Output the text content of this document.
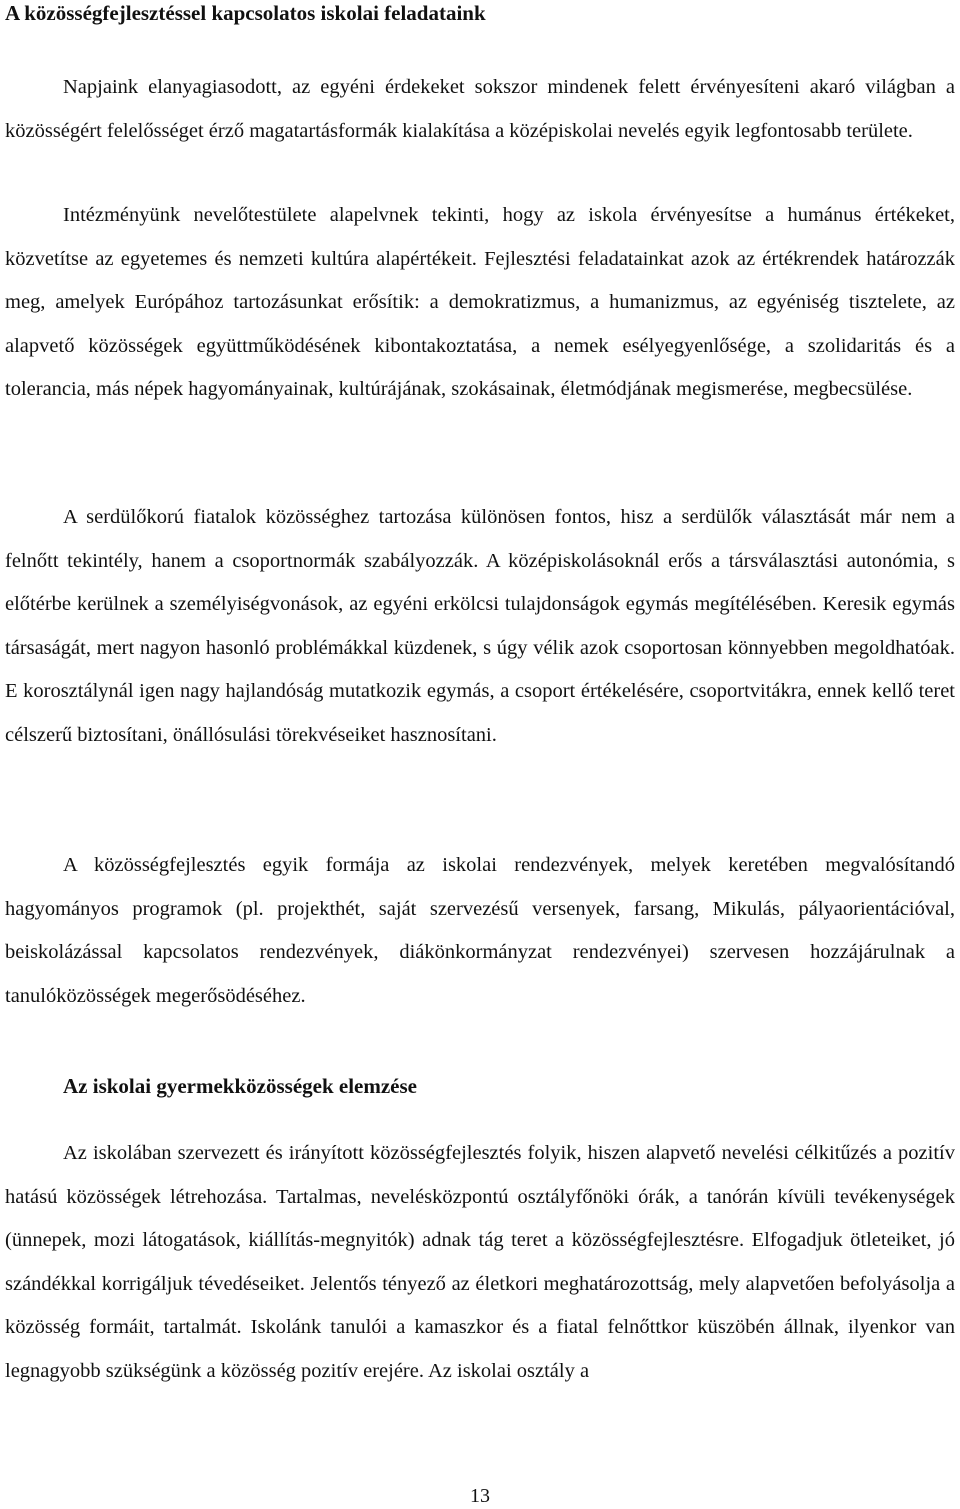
A közösségfejlesztéssel kapcsolatos iskolai feladataink

Napjaink elanyagiasodott, az egyéni érdekeket sokszor mindenek felett érvényesíteni akaró világban a közösségért felelősséget érző magatartásformák kialakítása a középiskolai nevelés egyik legfontosabb területe.

Intézményünk nevelőtestülete alapelvnek tekinti, hogy az iskola érvényesítse a humánus értékeket, közvetítse az egyetemes és nemzeti kultúra alapértékeit. Fejlesztési feladatainkat azok az értékrendek határozzák meg, amelyek Európához tartozásunkat erősítik: a demokratizmus, a humanizmus, az egyéniség tisztelete, az alapvető közösségek együttműködésének kibontakoztatása, a nemek esélyegyenlősége, a szolidaritás és a tolerancia, más népek hagyományainak, kultúrájának, szokásainak, életmódjának megismerése, megbecsülése.

A serdülőkorú fiatalok közösséghez tartozása különösen fontos, hisz a serdülők választását már nem a felnőtt tekintély, hanem a csoportnormák szabályozzák. A középiskolásoknál erős a társválasztási autonómia, s előtérbe kerülnek a személyiségvonások, az egyéni erkölcsi tulajdonságok egymás megítélésében. Keresik egymás társaságát, mert nagyon hasonló problémákkal küzdenek, s úgy vélik azok csoportosan könnyebben megoldhatóak. E korosztálynál igen nagy hajlandóság mutatkozik egymás, a csoport értékelésére, csoportvitákra, ennek kellő teret célszerű biztosítani, önállósulási törekvéseiket hasznosítani.

A közösségfejlesztés egyik formája az iskolai rendezvények, melyek keretében megvalósítandó hagyományos programok (pl. projekthét, saját szervezésű versenyek, farsang, Mikulás, pályaorientációval, beiskolázással kapcsolatos rendezvények, diákönkormányzat rendezvényei) szervesen hozzájárulnak a tanulóközösségek megerősödéséhez.

Az iskolai gyermekközösségek elemzése

Az iskolában szervezett és irányított közösségfejlesztés folyik, hiszen alapvető nevelési célkitűzés a pozitív hatású közösségek létrehozása. Tartalmas, nevelésközpontú osztályfőnöki órák, a tanórán kívüli tevékenységek (ünnepek, mozi látogatások, kiállítás-megnyitók) adnak tág teret a közösségfejlesztésre. Elfogadjuk ötleteiket, jó szándékkal korrigáljuk tévedéseiket. Jelentős tényező az életkori meghatározottság, mely alapvetően befolyásolja a közösség formáit, tartalmát. Iskolánk tanulói a kamaszkor és a fiatal felnőttkor küszöbén állnak, ilyenkor van legnagyobb szükségünk a közösség pozitív erejére. Az iskolai osztály a

13
